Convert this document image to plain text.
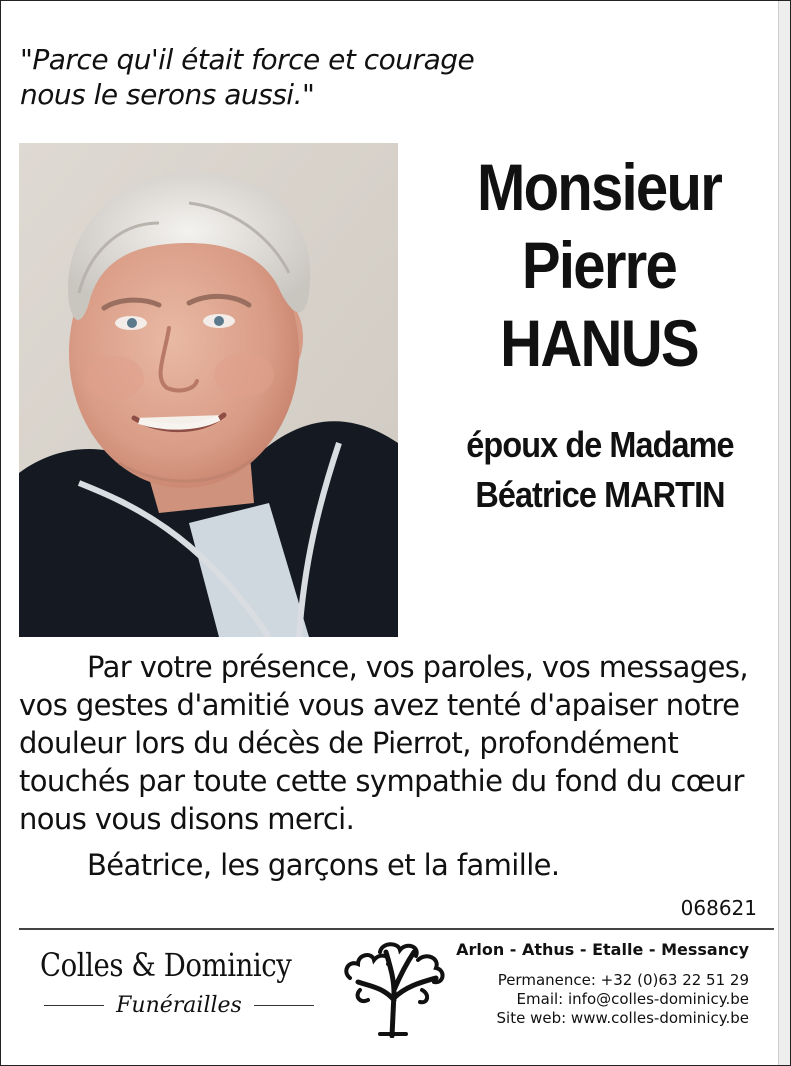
"Parce qu'il était force et courage
nous le serons aussi."
Monsieur
Pierre
HANUS
époux de Madame
Béatrice MARTIN

Par votre présence, vos paroles, vos messages, vos gestes d'amitié vous avez tenté d'apaiser notre douleur lors du décès de Pierrot, profondément touchés par toute cette sympathie du fond du cœur nous vous disons merci.

Béatrice, les garçons et la famille.

068621
Colles & Dominicy
Funérailles
Arlon - Athus - Etalle - Messancy
Permanence: +32 (0)63 22 51 29
Email: info@colles-dominicy.be
Site web: www.colles-dominicy.be
